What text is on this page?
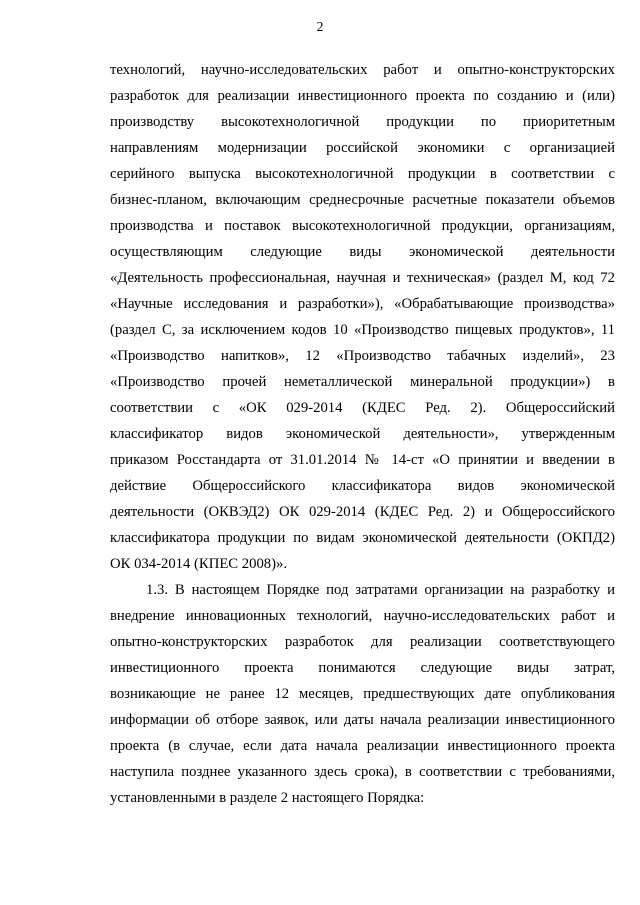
2
технологий, научно-исследовательских работ и опытно-конструкторских
разработок для реализации инвестиционного проекта по созданию и (или)
производству высокотехнологичной продукции по приоритетным
направлениям модернизации российской экономики с организацией
серийного выпуска высокотехнологичной продукции в соответствии с
бизнес-планом, включающим среднесрочные расчетные показатели объемов
производства и поставок высокотехнологичной продукции, организациям,
осуществляющим следующие виды экономической деятельности
«Деятельность профессиональная, научная и техническая» (раздел М, код 72
«Научные исследования и разработки»), «Обрабатывающие производства»
(раздел С, за исключением кодов 10 «Производство пищевых продуктов», 11
«Производство напитков», 12 «Производство табачных изделий», 23
«Производство прочей неметаллической минеральной продукции») в
соответствии с «ОК 029-2014 (КДЕС Ред. 2). Общероссийский
классификатор видов экономической деятельности», утвержденным
приказом Росстандарта от 31.01.2014 № 14-ст «О принятии и введении в
действие Общероссийского классификатора видов экономической
деятельности (ОКВЭД2) ОК 029-2014 (КДЕС Ред. 2) и Общероссийского
классификатора продукции по видам экономической деятельности (ОКПД2)
ОК 034-2014 (КПЕС 2008)».
1.3. В настоящем Порядке под затратами организации на разработку и
внедрение инновационных технологий, научно-исследовательских работ и
опытно-конструкторских разработок для реализации соответствующего
инвестиционного проекта понимаются следующие виды затрат,
возникающие не ранее 12 месяцев, предшествующих дате опубликования
информации об отборе заявок, или даты начала реализации инвестиционного
проекта (в случае, если дата начала реализации инвестиционного проекта
наступила позднее указанного здесь срока), в соответствии с требованиями,
установленными в разделе 2 настоящего Порядка:
